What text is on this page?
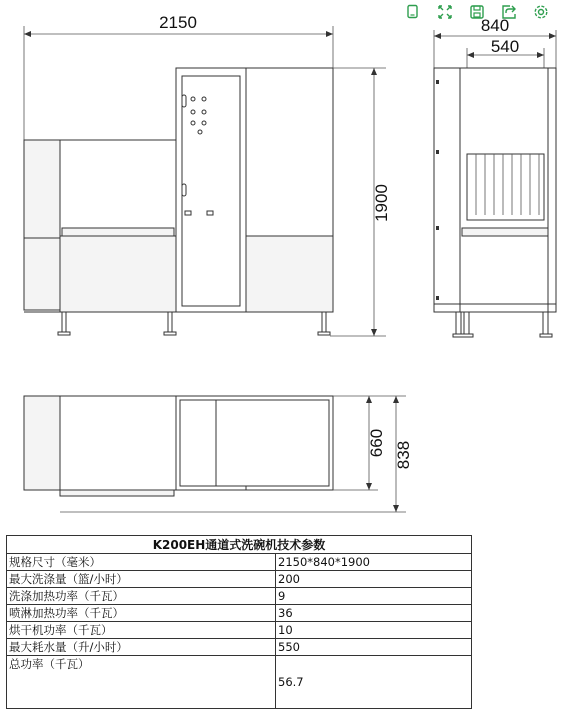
2150
1900
840
540
660 838
K200EH通道式洗碗机技术参数	
规格尺寸（毫米）	2150*840*1900
最大洗涤量（篮/小时）	200
洗涤加热功率（千瓦）	9
喷淋加热功率（千瓦）	36
烘干机功率（千瓦）	10
最大耗水量（升/小时）	550
总功率（千瓦）	56.7
